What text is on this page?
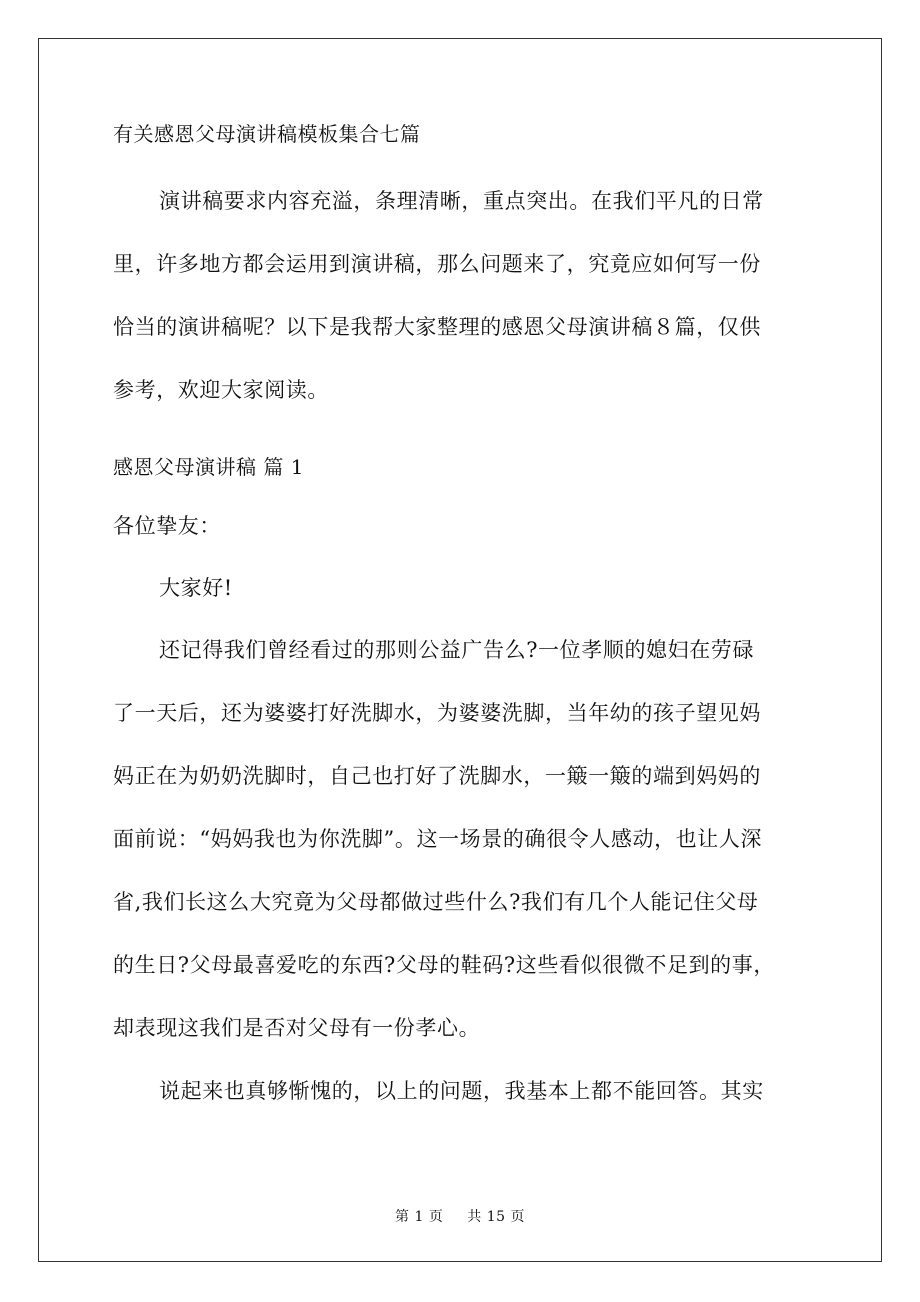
有关感恩父母演讲稿模板集合七篇
演讲稿要求内容充溢，条理清晰，重点突出。在我们平凡的日常
里，许多地方都会运用到演讲稿，那么问题来了，究竟应如何写一份
恰当的演讲稿呢？以下是我帮大家整理的感恩父母演讲稿８篇，仅供
参考，欢迎大家阅读。
感恩父母演讲稿 篇 1
各位挚友：
大家好!
还记得我们曾经看过的那则公益广告么?一位孝顺的媳妇在劳碌
了一天后，还为婆婆打好洗脚水，为婆婆洗脚，当年幼的孩子望见妈
妈正在为奶奶洗脚时，自己也打好了洗脚水，一簸一簸的端到妈妈的
面前说：“妈妈我也为你洗脚”。这一场景的确很令人感动，也让人深
省,我们长这么大究竟为父母都做过些什么?我们有几个人能记住父母
的生日?父母最喜爱吃的东西?父母的鞋码?这些看似很微不足到的事，
却表现这我们是否对父母有一份孝心。
说起来也真够惭愧的，以上的问题，我基本上都不能回答。其实
第 1 页 共 15 页
